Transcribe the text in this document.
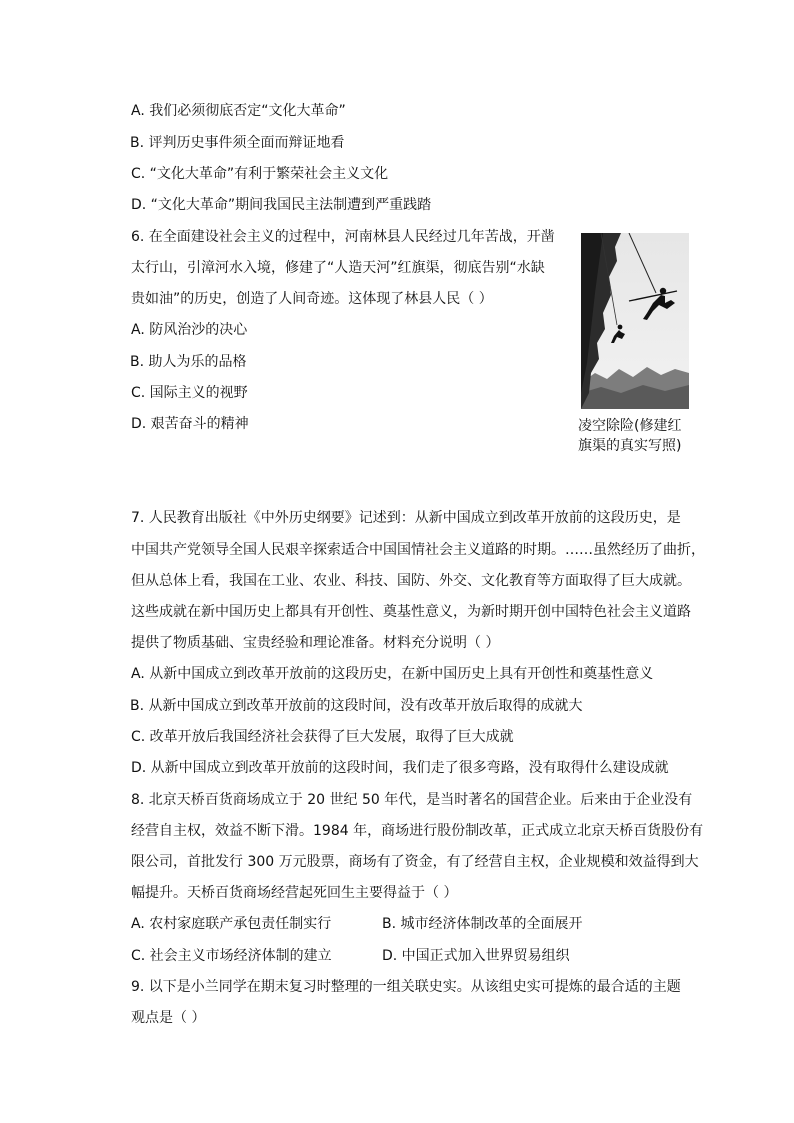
A. 我们必须彻底否定“文化大革命”
B. 评判历史事件须全面而辩证地看
C. “文化大革命”有利于繁荣社会主义文化
D. “文化大革命”期间我国民主法制遭到严重践踏
6. 在全面建设社会主义的过程中，河南林县人民经过几年苦战，开凿
太行山，引漳河水入境，修建了“人造天河”红旗渠，彻底告别“水缺
贵如油”的历史，创造了人间奇迹。这体现了林县人民（ ）
A. 防风治沙的决心
B. 助人为乐的品格
C. 国际主义的视野
D. 艰苦奋斗的精神	凌空除险(修建红
旗渠的真实写照)
7. 人民教育出版社《中外历史纲要》记述到：从新中国成立到改革开放前的这段历史，是
中国共产党领导全国人民艰辛探索适合中国国情社会主义道路的时期。……虽然经历了曲折，
但从总体上看，我国在工业、农业、科技、国防、外交、文化教育等方面取得了巨大成就。
这些成就在新中国历史上都具有开创性、奠基性意义，为新时期开创中国特色社会主义道路
提供了物质基础、宝贵经验和理论准备。材料充分说明（ ）
A. 从新中国成立到改革开放前的这段历史，在新中国历史上具有开创性和奠基性意义
B. 从新中国成立到改革开放前的这段时间，没有改革开放后取得的成就大
C. 改革开放后我国经济社会获得了巨大发展，取得了巨大成就
D. 从新中国成立到改革开放前的这段时间，我们走了很多弯路，没有取得什么建设成就
8. 北京天桥百货商场成立于 20 世纪 50 年代，是当时著名的国营企业。后来由于企业没有
经营自主权，效益不断下滑。1984 年，商场进行股份制改革，正式成立北京天桥百货股份有
限公司，首批发行 300 万元股票，商场有了资金，有了经营自主权，企业规模和效益得到大
幅提升。天桥百货商场经营起死回生主要得益于（ ）
A. 农村家庭联产承包责任制实行	B. 城市经济体制改革的全面展开
C. 社会主义市场经济体制的建立	D. 中国正式加入世界贸易组织
9. 以下是小兰同学在期末复习时整理的一组关联史实。从该组史实可提炼的最合适的主题
观点是（ ）
